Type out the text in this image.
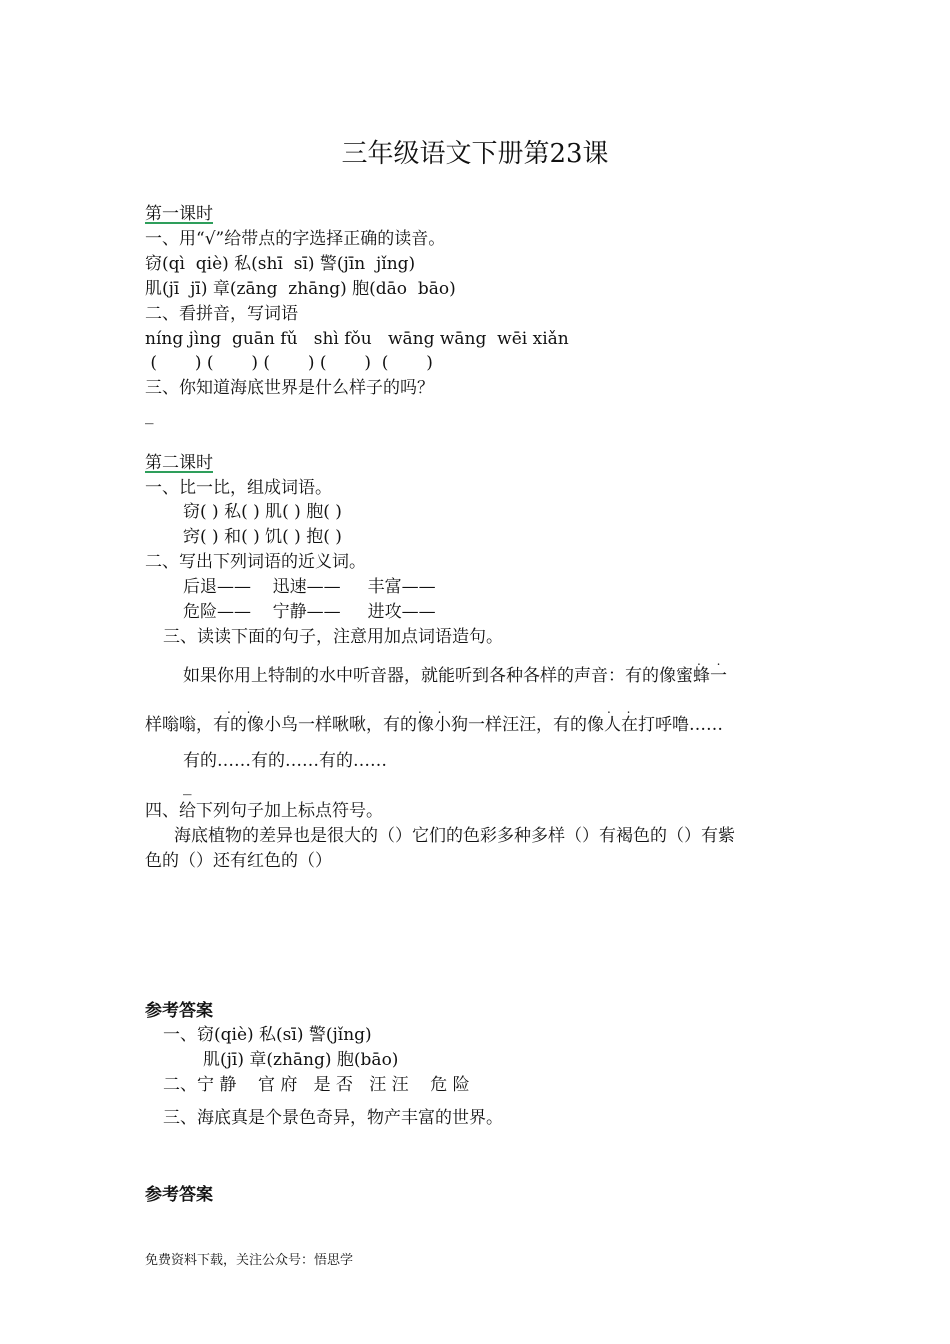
三年级语文下册第23课
第一课时
一、用“√”给带点的字选择正确的读音。
窃(qì  qiè) 私(shī  sī) 警(jīn  jǐng)
肌(jī  jī) 章(zāng  zhāng) 胞(dāo  bāo)
二、看拼音，写词语
níng jìng  guān fǔ   shì fǒu   wāng wāng  wēi xiǎn
(       ) (       ) (       ) (       )  (       )
三、你知道海底世界是什么样子的吗？
_
第二课时
一、比一比，组成词语。
窃( ) 私( ) 肌( ) 胞( )
窍( ) 和( ) 饥( ) 抱( )
二、写出下列词语的近义词。
后退——    迅速——     丰富——
危险——    宁静——     进攻——
三、读读下面的句子，注意用加点词语造句。
. .
如果你用上特制的水中听音器，就能听到各种各样的声音：有的像蜜蜂一
. .	. .	. .
样嗡嗡，有的像小鸟一样啾啾，有的像小狗一样汪汪，有的像人在打呼噜……
有的……有的……有的……
_
四、给下列句子加上标点符号。
海底植物的差异也是很大的（）它们的色彩多种多样（）有褐色的（）有紫
色的（）还有红色的（）
参考答案
一、窃(qiè) 私(sī) 警(jǐng)
肌(jī) 章(zhāng) 胞(bāo)
二、宁 静    官 府   是 否   汪 汪    危 险
三、海底真是个景色奇异，物产丰富的世界。
参考答案
免费资料下载，关注公众号：悟思学
